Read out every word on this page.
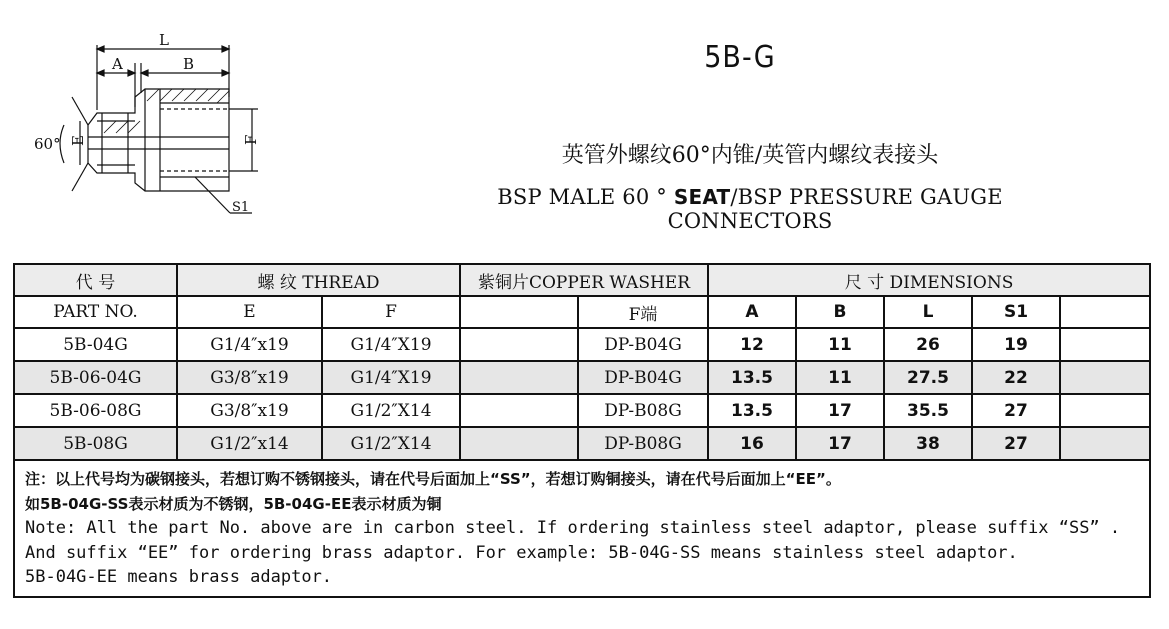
L
A	B
60° E	F
S1
5B-G
英管外螺纹60°内锥/英管内螺纹表接头
BSP MALE 60 ° SEAT/BSP PRESSURE GAUGE CONNECTORS
代 号	螺 纹 THREAD		紫铜片COPPER WASHER		尺 寸 DIMENSIONS				
PART NO.	E	F		F端	A	B	L	S1	
5B-04G	G1/4″x19	G1/4″X19		DP-B04G	12	11	26	19	
5B-06-04G	G3/8″x19	G1/4″X19		DP-B04G	13.5	11	27.5	22	
5B-06-08G	G3/8″x19	G1/2″X14		DP-B08G	13.5	17	35.5	27	
5B-08G	G1/2″x14	G1/2″X14		DP-B08G	16	17	38	27	

注：以上代号均为碳钢接头，若想订购不锈钢接头，请在代号后面加上“SS”，若想订购铜接头，请在代号后面加上“EE”。
如5B-04G-SS表示材质为不锈钢，5B-04G-EE表示材质为铜
Note: All the part No. above are in carbon steel. If ordering stainless steel adaptor, please suffix “SS” .
And suffix “EE” for ordering brass adaptor. For example: 5B-04G-SS means stainless steel adaptor.
5B-04G-EE means brass adaptor.									
